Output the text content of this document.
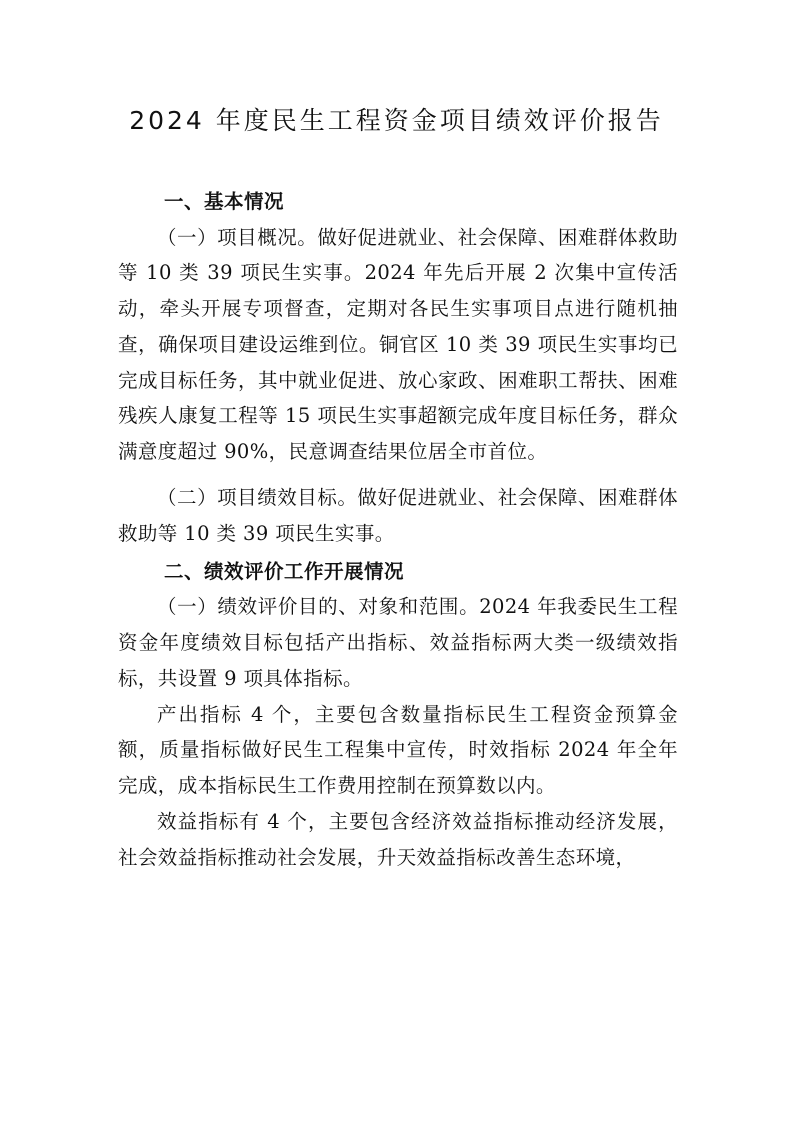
2024 年度民生工程资金项目绩效评价报告
一、基本情况

（一）项目概况。做好促进就业、社会保障、困难群体救助等 10 类 39 项民生实事。2024 年先后开展 2 次集中宣传活动，牵头开展专项督查，定期对各民生实事项目点进行随机抽查，确保项目建设运维到位。铜官区 10 类 39 项民生实事均已完成目标任务，其中就业促进、放心家政、困难职工帮扶、困难残疾人康复工程等 15 项民生实事超额完成年度目标任务，群众满意度超过 90%，民意调查结果位居全市首位。

（二）项目绩效目标。做好促进就业、社会保障、困难群体救助等 10 类 39 项民生实事。

二、绩效评价工作开展情况

（一）绩效评价目的、对象和范围。2024 年我委民生工程资金年度绩效目标包括产出指标、效益指标两大类一级绩效指标，共设置 9 项具体指标。

产出指标 4 个，主要包含数量指标民生工程资金预算金额，质量指标做好民生工程集中宣传，时效指标 2024 年全年完成，成本指标民生工作费用控制在预算数以内。

效益指标有 4 个，主要包含经济效益指标推动经济发展，社会效益指标推动社会发展，升天效益指标改善生态环境，
